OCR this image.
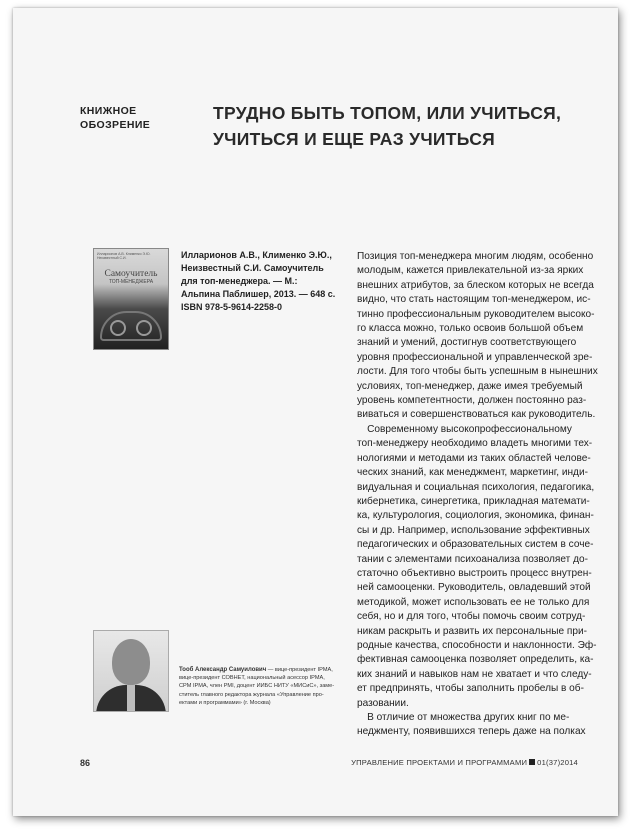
КНИЖНОЕ
ОБОЗРЕНИЕ
ТРУДНО БЫТЬ ТОПОМ, ИЛИ УЧИТЬСЯ,
УЧИТЬСЯ И ЕЩЕ РАЗ УЧИТЬСЯ
Илларионов А.В. Клименко Э.Ю. Неизвестный С.И.
Самоучитель
ТОП-МЕНЕДЖЕРА
Илларионов А.В., Клименко Э.Ю.,
Неизвестный С.И. Самоучитель
для топ-менеджера. — М.:
Альпина Паблишер, 2013. — 648 с.
ISBN 978-5-9614-2258-0
Позиция топ-менеджера многим людям, особенно
молодым, кажется привлекательной из-за ярких
внешних атрибутов, за блеском которых не всегда
видно, что стать настоящим топ-менеджером, ис-
тинно профессиональным руководителем высоко-
го класса можно, только освоив большой объем
знаний и умений, достигнув соответствующего
уровня профессиональной и управленческой зре-
лости. Для того чтобы быть успешным в нынешних
условиях, топ-менеджер, даже имея требуемый
уровень компетентности, должен постоянно раз-
виваться и совершенствоваться как руководитель.
 Современному высокопрофессиональному
топ-менеджеру необходимо владеть многими тех-
нологиями и методами из таких областей челове-
ческих знаний, как менеджмент, маркетинг, инди-
видуальная и социальная психология, педагогика,
кибернетика, синергетика, прикладная математи-
ка, культурология, социология, экономика, финан-
сы и др. Например, использование эффективных
педагогических и образовательных систем в соче-
тании с элементами психоанализа позволяет до-
статочно объективно выстроить процесс внутрен-
ней самооценки. Руководитель, овладевший этой
методикой, может использовать ее не только для
себя, но и для того, чтобы помочь своим сотруд-
никам раскрыть и развить их персональные при-
родные качества, способности и наклонности. Эф-
фективная самооценка позволяет определить, ка-
ких знаний и навыков нам не хватает и что следу-
ет предпринять, чтобы заполнить пробелы в об-
разовании.
 В отличие от множества других книг по ме-
неджменту, появившихся теперь даже на полках
Тооб Александр Самуилович — вице-президент IPMA,
вице-президент СОВНЕТ, национальный асессор IPMA,
CPM IPMA, член PMI, доцент ИИБС НИТУ «МИСиС», заме-
ститель главного редактора журнала «Управление про-
ектами и программами» (г. Москва)
86	УПРАВЛЕНИЕ ПРОЕКТАМИ И ПРОГРАММАМИ 01(37)2014
